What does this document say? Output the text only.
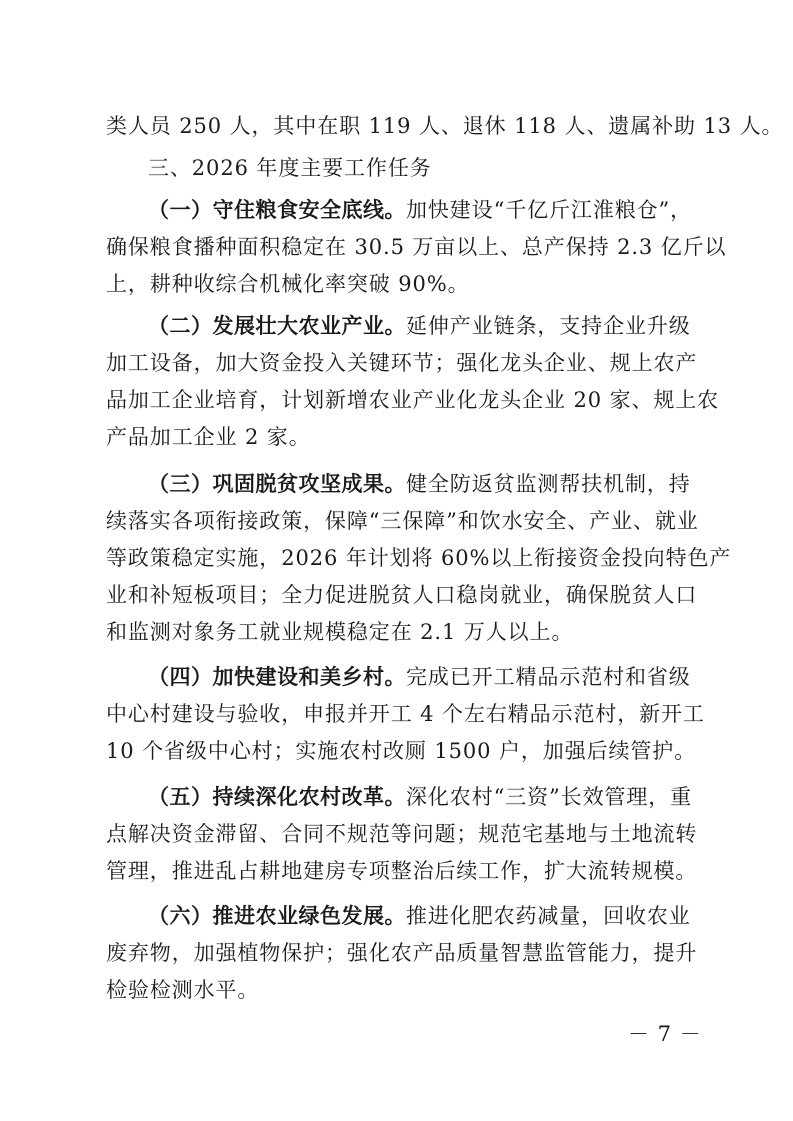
类人员 250 人，其中在职 119 人、退休 118 人、遗属补助 13 人。
三、2026 年度主要工作任务
（一）守住粮食安全底线。加快建设“千亿斤江淮粮仓”，
确保粮食播种面积稳定在 30.5 万亩以上、总产保持 2.3 亿斤以
上，耕种收综合机械化率突破 90%。
（二）发展壮大农业产业。延伸产业链条，支持企业升级
加工设备，加大资金投入关键环节；强化龙头企业、规上农产
品加工企业培育，计划新增农业产业化龙头企业 20 家、规上农
产品加工企业 2 家。
（三）巩固脱贫攻坚成果。健全防返贫监测帮扶机制，持
续落实各项衔接政策，保障“三保障”和饮水安全、产业、就业
等政策稳定实施，2026 年计划将 60%以上衔接资金投向特色产
业和补短板项目；全力促进脱贫人口稳岗就业，确保脱贫人口
和监测对象务工就业规模稳定在 2.1 万人以上。
（四）加快建设和美乡村。完成已开工精品示范村和省级
中心村建设与验收，申报并开工 4 个左右精品示范村，新开工
10 个省级中心村；实施农村改厕 1500 户，加强后续管护。
（五）持续深化农村改革。深化农村“三资”长效管理，重
点解决资金滞留、合同不规范等问题；规范宅基地与土地流转
管理，推进乱占耕地建房专项整治后续工作，扩大流转规模。
（六）推进农业绿色发展。推进化肥农药减量，回收农业
废弃物，加强植物保护；强化农产品质量智慧监管能力，提升
检验检测水平。
－ 7 －
